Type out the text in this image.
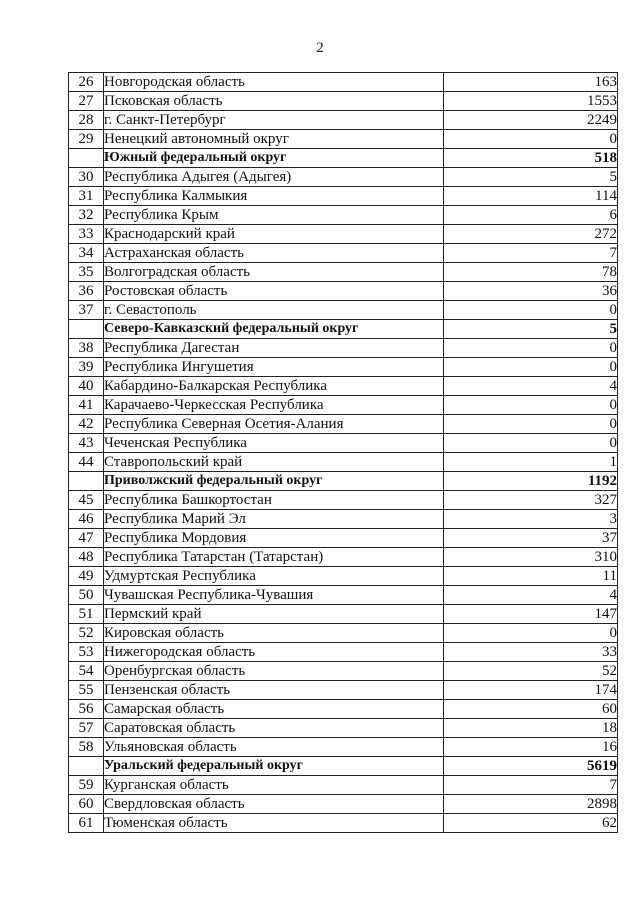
2
26	Новгородская область	163
27	Псковская область	1553
28	г. Санкт-Петербург	2249
29	Ненецкий автономный округ	0
	Южный федеральный округ	518
30	Республика Адыгея (Адыгея)	5
31	Республика Калмыкия	114
32	Республика Крым	6
33	Краснодарский край	272
34	Астраханская область	7
35	Волгоградская область	78
36	Ростовская область	36
37	г. Севастополь	0
	Северо-Кавказский федеральный округ	5
38	Республика Дагестан	0
39	Республика Ингушетия	0
40	Кабардино-Балкарская Республика	4
41	Карачаево-Черкесская Республика	0
42	Республика Северная Осетия-Алания	0
43	Чеченская Республика	0
44	Ставропольский край	1
	Приволжский федеральный округ	1192
45	Республика Башкортостан	327
46	Республика Марий Эл	3
47	Республика Мордовия	37
48	Республика Татарстан (Татарстан)	310
49	Удмуртская Республика	11
50	Чувашская Республика-Чувашия	4
51	Пермский край	147
52	Кировская область	0
53	Нижегородская область	33
54	Оренбургская область	52
55	Пензенская область	174
56	Самарская область	60
57	Саратовская область	18
58	Ульяновская область	16
	Уральский федеральный округ	5619
59	Курганская область	7
60	Свердловская область	2898
61	Тюменская область	62
